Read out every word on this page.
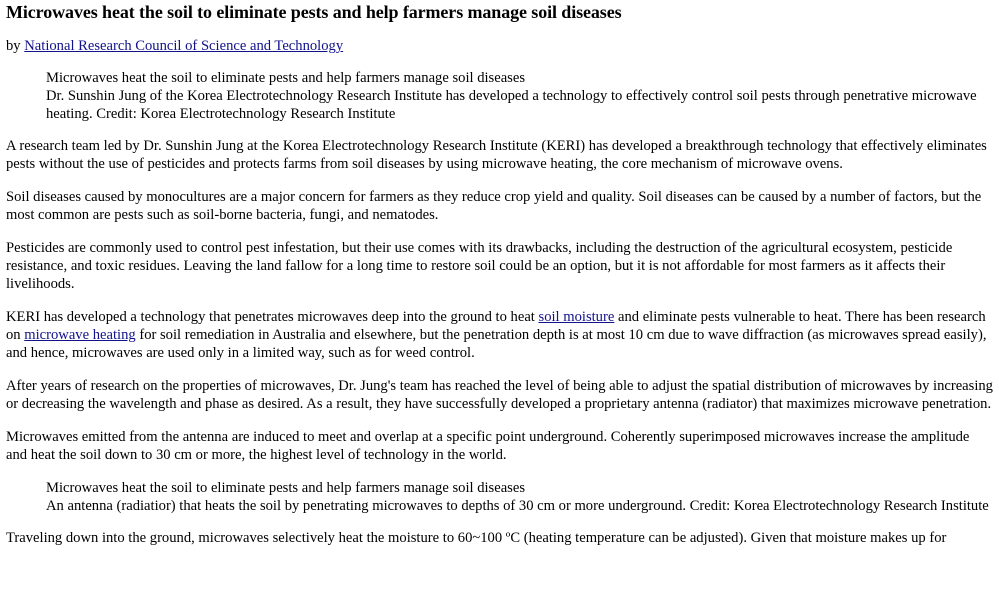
Microwaves heat the soil to eliminate pests and help farmers manage soil diseases
by National Research Council of Science and Technology
Microwaves heat the soil to eliminate pests and help farmers manage soil diseases
Dr. Sunshin Jung of the Korea Electrotechnology Research Institute has developed a technology to effectively control soil pests through penetrative microwave heating. Credit: Korea Electrotechnology Research Institute

A research team led by Dr. Sunshin Jung at the Korea Electrotechnology Research Institute (KERI) has developed a breakthrough technology that effectively eliminates pests without the use of pesticides and protects farms from soil diseases by using microwave heating, the core mechanism of microwave ovens.

Soil diseases caused by monocultures are a major concern for farmers as they reduce crop yield and quality. Soil diseases can be caused by a number of factors, but the most common are pests such as soil-borne bacteria, fungi, and nematodes.

Pesticides are commonly used to control pest infestation, but their use comes with its drawbacks, including the destruction of the agricultural ecosystem, pesticide resistance, and toxic residues. Leaving the land fallow for a long time to restore soil could be an option, but it is not affordable for most farmers as it affects their livelihoods.

KERI has developed a technology that penetrates microwaves deep into the ground to heat soil moisture and eliminate pests vulnerable to heat. There has been research on microwave heating for soil remediation in Australia and elsewhere, but the penetration depth is at most 10 cm due to wave diffraction (as microwaves spread easily), and hence, microwaves are used only in a limited way, such as for weed control.

After years of research on the properties of microwaves, Dr. Jung's team has reached the level of being able to adjust the spatial distribution of microwaves by increasing or decreasing the wavelength and phase as desired. As a result, they have successfully developed a proprietary antenna (radiator) that maximizes microwave penetration.

Microwaves emitted from the antenna are induced to meet and overlap at a specific point underground. Coherently superimposed microwaves increase the amplitude and heat the soil down to 30 cm or more, the highest level of technology in the world.

Microwaves heat the soil to eliminate pests and help farmers manage soil diseases
An antenna (radiatior) that heats the soil by penetrating microwaves to depths of 30 cm or more underground. Credit: Korea Electrotechnology Research Institute

Traveling down into the ground, microwaves selectively heat the moisture to 60~100 ºC (heating temperature can be adjusted). Given that moisture makes up for
